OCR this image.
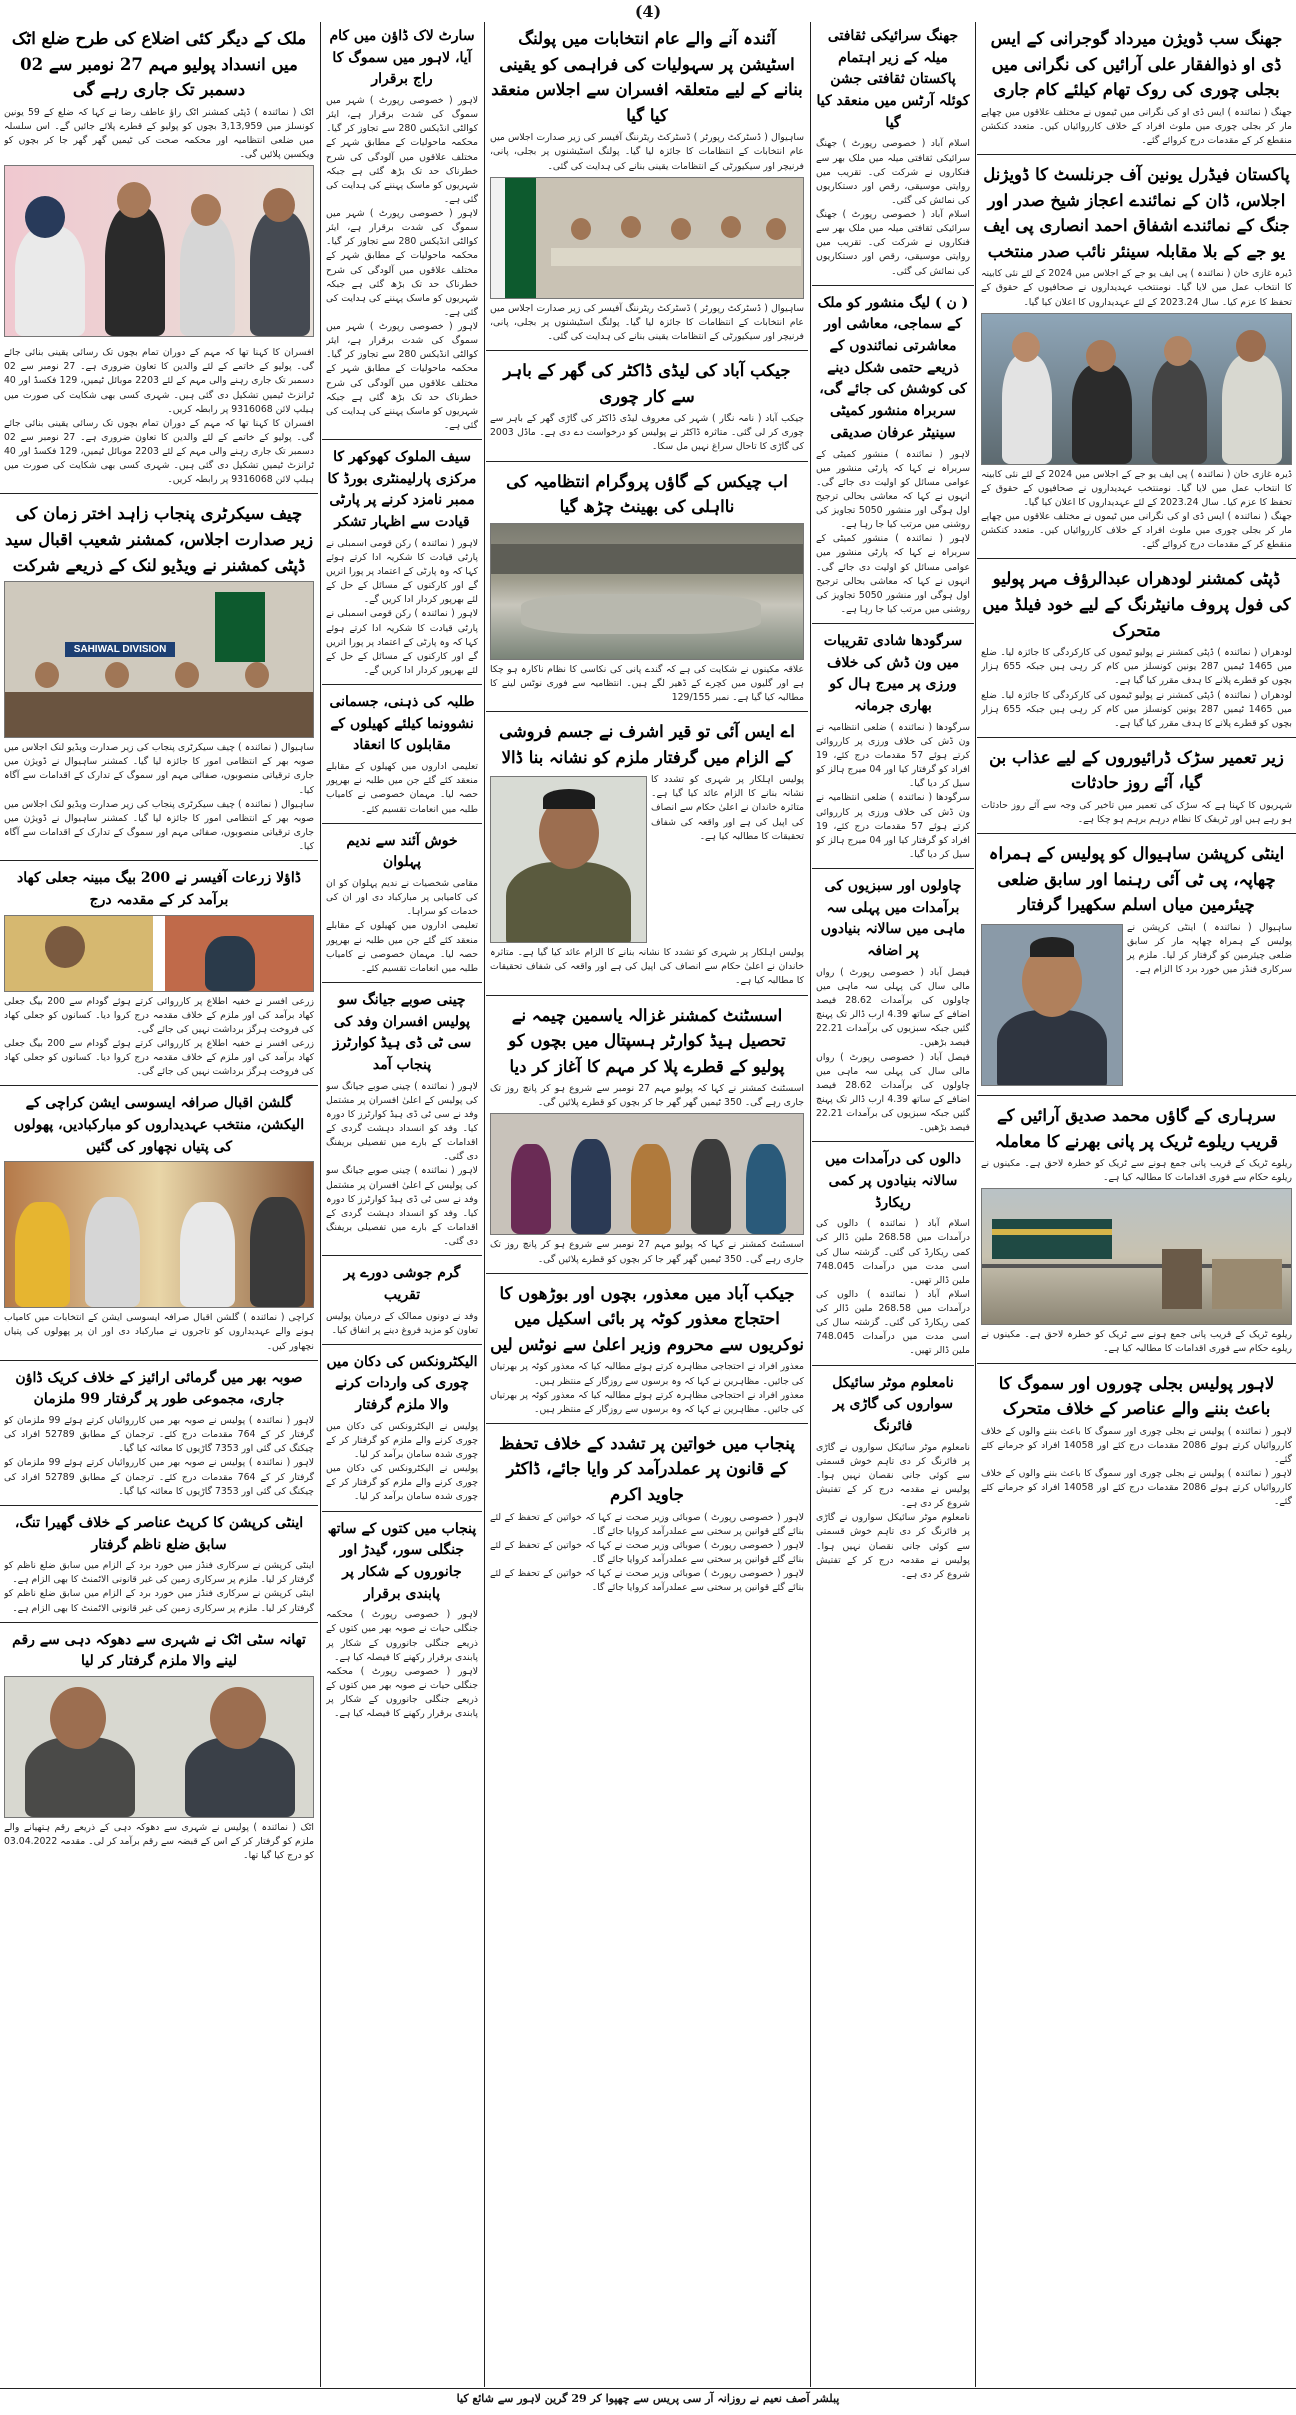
(4)
جھنگ سب ڈویژن میرداد گوجرانی کے ایس ڈی او ذوالفقار علی آرائیں کی نگرانی میں بجلی چوری کی روک تھام کیلئے کام جاری

جھنگ ( نمائندہ ) ایس ڈی او کی نگرانی میں ٹیموں نے مختلف علاقوں میں چھاپے مار کر بجلی چوری میں ملوث افراد کے خلاف کارروائیاں کیں۔ متعدد کنکشن منقطع کر کے مقدمات درج کروائے گئے۔

پاکستان فیڈرل یونین آف جرنلسٹ کا ڈویژنل اجلاس، ڈان کے نمائندے اعجاز شیخ صدر اور جنگ کے نمائندے اشفاق احمد انصاری پی ایف یو جے کے بلا مقابلہ سینئر نائب صدر منتخب

ڈیرہ غازی خان ( نمائندہ ) پی ایف یو جے کے اجلاس میں 2024 کے لئے نئی کابینہ کا انتخاب عمل میں لایا گیا۔ نومنتخب عہدیداروں نے صحافیوں کے حقوق کے تحفظ کا عزم کیا۔ سال 2023.24 کے لئے عہدیداروں کا اعلان کیا گیا۔

ڈیرہ غازی خان ( نمائندہ ) پی ایف یو جے کے اجلاس میں 2024 کے لئے نئی کابینہ کا انتخاب عمل میں لایا گیا۔ نومنتخب عہدیداروں نے صحافیوں کے حقوق کے تحفظ کا عزم کیا۔ سال 2023.24 کے لئے عہدیداروں کا اعلان کیا گیا۔

جھنگ ( نمائندہ ) ایس ڈی او کی نگرانی میں ٹیموں نے مختلف علاقوں میں چھاپے مار کر بجلی چوری میں ملوث افراد کے خلاف کارروائیاں کیں۔ متعدد کنکشن منقطع کر کے مقدمات درج کروائے گئے۔

ڈپٹی کمشنر لودھراں عبدالرؤف مہر پولیو کی فول پروف مانیٹرنگ کے لیے خود فیلڈ میں متحرک

لودھراں ( نمائندہ ) ڈپٹی کمشنر نے پولیو ٹیموں کی کارکردگی کا جائزہ لیا۔ ضلع میں 1465 ٹیمیں 287 یونین کونسلز میں کام کر رہی ہیں جبکہ 655 ہزار بچوں کو قطرے پلانے کا ہدف مقرر کیا گیا ہے۔

لودھراں ( نمائندہ ) ڈپٹی کمشنر نے پولیو ٹیموں کی کارکردگی کا جائزہ لیا۔ ضلع میں 1465 ٹیمیں 287 یونین کونسلز میں کام کر رہی ہیں جبکہ 655 ہزار بچوں کو قطرے پلانے کا ہدف مقرر کیا گیا ہے۔

زیر تعمیر سڑک ڈرائیوروں کے لیے عذاب بن گیا، آئے روز حادثات

شہریوں کا کہنا ہے کہ سڑک کی تعمیر میں تاخیر کی وجہ سے آئے روز حادثات ہو رہے ہیں اور ٹریفک کا نظام درہم برہم ہو چکا ہے۔

اینٹی کرپشن ساہیوال کو پولیس کے ہمراہ چھاپہ، پی ٹی آئی رہنما اور سابق ضلعی چیئرمین میاں اسلم سکھیرا گرفتار

ساہیوال ( نمائندہ ) اینٹی کرپشن نے پولیس کے ہمراہ چھاپہ مار کر سابق ضلعی چیئرمین کو گرفتار کر لیا۔ ملزم پر سرکاری فنڈز میں خورد برد کا الزام ہے۔

سرہاری کے گاؤں محمد صدیق آرائیں کے قریب ریلوے ٹریک پر پانی بھرنے کا معاملہ

ریلوے ٹریک کے قریب پانی جمع ہونے سے ٹریک کو خطرہ لاحق ہے۔ مکینوں نے ریلوے حکام سے فوری اقدامات کا مطالبہ کیا ہے۔

ریلوے ٹریک کے قریب پانی جمع ہونے سے ٹریک کو خطرہ لاحق ہے۔ مکینوں نے ریلوے حکام سے فوری اقدامات کا مطالبہ کیا ہے۔

لاہور پولیس بجلی چوروں اور سموگ کا باعث بننے والے عناصر کے خلاف متحرک

لاہور ( نمائندہ ) پولیس نے بجلی چوری اور سموگ کا باعث بننے والوں کے خلاف کارروائیاں کرتے ہوئے 2086 مقدمات درج کئے اور 14058 افراد کو جرمانے کئے گئے۔

لاہور ( نمائندہ ) پولیس نے بجلی چوری اور سموگ کا باعث بننے والوں کے خلاف کارروائیاں کرتے ہوئے 2086 مقدمات درج کئے اور 14058 افراد کو جرمانے کئے گئے۔

جھنگ سرائیکی ثقافتی میلہ کے زیر اہتمام پاکستان ثقافتی جشن کوئلہ آرٹس میں منعقد کیا گیا

اسلام آباد ( خصوصی رپورٹ ) جھنگ سرائیکی ثقافتی میلہ میں ملک بھر سے فنکاروں نے شرکت کی۔ تقریب میں روایتی موسیقی، رقص اور دستکاریوں کی نمائش کی گئی۔

اسلام آباد ( خصوصی رپورٹ ) جھنگ سرائیکی ثقافتی میلہ میں ملک بھر سے فنکاروں نے شرکت کی۔ تقریب میں روایتی موسیقی، رقص اور دستکاریوں کی نمائش کی گئی۔

( ن ) لیگ منشور کو ملک کے سماجی، معاشی اور معاشرتی نمائندوں کے ذریعے حتمی شکل دینے کی کوشش کی جائے گی، سربراہ منشور کمیٹی سینیٹر عرفان صدیقی

لاہور ( نمائندہ ) منشور کمیٹی کے سربراہ نے کہا کہ پارٹی منشور میں عوامی مسائل کو اولیت دی جائے گی۔ انہوں نے کہا کہ معاشی بحالی ترجیح اول ہوگی اور منشور 5050 تجاویز کی روشنی میں مرتب کیا جا رہا ہے۔

لاہور ( نمائندہ ) منشور کمیٹی کے سربراہ نے کہا کہ پارٹی منشور میں عوامی مسائل کو اولیت دی جائے گی۔ انہوں نے کہا کہ معاشی بحالی ترجیح اول ہوگی اور منشور 5050 تجاویز کی روشنی میں مرتب کیا جا رہا ہے۔

سرگودھا شادی تقریبات میں ون ڈش کی خلاف ورزی پر میرج ہال کو بھاری جرمانہ

سرگودھا ( نمائندہ ) ضلعی انتظامیہ نے ون ڈش کی خلاف ورزی پر کارروائی کرتے ہوئے 57 مقدمات درج کئے، 19 افراد کو گرفتار کیا اور 04 میرج ہالز کو سیل کر دیا گیا۔

سرگودھا ( نمائندہ ) ضلعی انتظامیہ نے ون ڈش کی خلاف ورزی پر کارروائی کرتے ہوئے 57 مقدمات درج کئے، 19 افراد کو گرفتار کیا اور 04 میرج ہالز کو سیل کر دیا گیا۔

چاولوں اور سبزیوں کی برآمدات میں پہلی سہ ماہی میں سالانہ بنیادوں پر اضافہ

فیصل آباد ( خصوصی رپورٹ ) رواں مالی سال کی پہلی سہ ماہی میں چاولوں کی برآمدات 28.62 فیصد اضافے کے ساتھ 4.39 ارب ڈالر تک پہنچ گئیں جبکہ سبزیوں کی برآمدات 22.21 فیصد بڑھیں۔

فیصل آباد ( خصوصی رپورٹ ) رواں مالی سال کی پہلی سہ ماہی میں چاولوں کی برآمدات 28.62 فیصد اضافے کے ساتھ 4.39 ارب ڈالر تک پہنچ گئیں جبکہ سبزیوں کی برآمدات 22.21 فیصد بڑھیں۔

دالوں کی درآمدات میں سالانہ بنیادوں پر کمی ریکارڈ

اسلام آباد ( نمائندہ ) دالوں کی درآمدات میں 268.58 ملین ڈالر کی کمی ریکارڈ کی گئی۔ گزشتہ سال کی اسی مدت میں درآمدات 748.045 ملین ڈالر تھیں۔

اسلام آباد ( نمائندہ ) دالوں کی درآمدات میں 268.58 ملین ڈالر کی کمی ریکارڈ کی گئی۔ گزشتہ سال کی اسی مدت میں درآمدات 748.045 ملین ڈالر تھیں۔

نامعلوم موٹر سائیکل سواروں کی گاڑی پر فائرنگ

نامعلوم موٹر سائیکل سواروں نے گاڑی پر فائرنگ کر دی تاہم خوش قسمتی سے کوئی جانی نقصان نہیں ہوا۔ پولیس نے مقدمہ درج کر کے تفتیش شروع کر دی ہے۔

نامعلوم موٹر سائیکل سواروں نے گاڑی پر فائرنگ کر دی تاہم خوش قسمتی سے کوئی جانی نقصان نہیں ہوا۔ پولیس نے مقدمہ درج کر کے تفتیش شروع کر دی ہے۔

آئندہ آنے والے عام انتخابات میں پولنگ اسٹیشن پر سہولیات کی فراہمی کو یقینی بنانے کے لیے متعلقہ افسران سے اجلاس منعقد کیا گیا

ساہیوال ( ڈسٹرکٹ رپورٹر ) ڈسٹرکٹ ریٹرننگ آفیسر کی زیر صدارت اجلاس میں عام انتخابات کے انتظامات کا جائزہ لیا گیا۔ پولنگ اسٹیشنوں پر بجلی، پانی، فرنیچر اور سیکیورٹی کے انتظامات یقینی بنانے کی ہدایت کی گئی۔

ساہیوال ( ڈسٹرکٹ رپورٹر ) ڈسٹرکٹ ریٹرننگ آفیسر کی زیر صدارت اجلاس میں عام انتخابات کے انتظامات کا جائزہ لیا گیا۔ پولنگ اسٹیشنوں پر بجلی، پانی، فرنیچر اور سیکیورٹی کے انتظامات یقینی بنانے کی ہدایت کی گئی۔

جیکب آباد کی لیڈی ڈاکٹر کی گھر کے باہر سے کار چوری

جیکب آباد ( نامہ نگار ) شہر کی معروف لیڈی ڈاکٹر کی گاڑی گھر کے باہر سے چوری کر لی گئی۔ متاثرہ ڈاکٹر نے پولیس کو درخواست دے دی ہے۔ ماڈل 2003 کی گاڑی کا تاحال سراغ نہیں مل سکا۔

اب چیکس کے گاؤں پروگرام انتظامیہ کی نااہلی کی بھینٹ چڑھ گیا

علاقہ مکینوں نے شکایت کی ہے کہ گندے پانی کی نکاسی کا نظام ناکارہ ہو چکا ہے اور گلیوں میں کچرے کے ڈھیر لگے ہیں۔ انتظامیہ سے فوری نوٹس لینے کا مطالبہ کیا گیا ہے۔ نمبر 129/155

اے ایس آئی تو قیر اشرف نے جسم فروشی کے الزام میں گرفتار ملزم کو نشانہ بنا ڈالا

پولیس اہلکار پر شہری کو تشدد کا نشانہ بنانے کا الزام عائد کیا گیا ہے۔ متاثرہ خاندان نے اعلیٰ حکام سے انصاف کی اپیل کی ہے اور واقعہ کی شفاف تحقیقات کا مطالبہ کیا ہے۔

پولیس اہلکار پر شہری کو تشدد کا نشانہ بنانے کا الزام عائد کیا گیا ہے۔ متاثرہ خاندان نے اعلیٰ حکام سے انصاف کی اپیل کی ہے اور واقعہ کی شفاف تحقیقات کا مطالبہ کیا ہے۔

اسسٹنٹ کمشنر غزالہ یاسمین چیمہ نے تحصیل ہیڈ کوارٹر ہسپتال میں بچوں کو پولیو کے قطرے پلا کر مہم کا آغاز کر دیا

اسسٹنٹ کمشنر نے کہا کہ پولیو مہم 27 نومبر سے شروع ہو کر پانچ روز تک جاری رہے گی۔ 350 ٹیمیں گھر گھر جا کر بچوں کو قطرے پلائیں گی۔

اسسٹنٹ کمشنر نے کہا کہ پولیو مہم 27 نومبر سے شروع ہو کر پانچ روز تک جاری رہے گی۔ 350 ٹیمیں گھر گھر جا کر بچوں کو قطرے پلائیں گی۔

جیکب آباد میں معذور، بچوں اور بوڑھوں کا احتجاج معذور کوٹہ پر بائی اسکیل میں نوکریوں سے محروم وزیر اعلیٰ سے نوٹس لیں

معذور افراد نے احتجاجی مظاہرہ کرتے ہوئے مطالبہ کیا کہ معذور کوٹہ پر بھرتیاں کی جائیں۔ مظاہرین نے کہا کہ وہ برسوں سے روزگار کے منتظر ہیں۔

معذور افراد نے احتجاجی مظاہرہ کرتے ہوئے مطالبہ کیا کہ معذور کوٹہ پر بھرتیاں کی جائیں۔ مظاہرین نے کہا کہ وہ برسوں سے روزگار کے منتظر ہیں۔

پنجاب میں خواتین پر تشدد کے خلاف تحفظ کے قانون پر عملدرآمد کر وایا جائے، ڈاکٹر جاوید اکرم

لاہور ( خصوصی رپورٹ ) صوبائی وزیر صحت نے کہا کہ خواتین کے تحفظ کے لئے بنائے گئے قوانین پر سختی سے عملدرآمد کروایا جائے گا۔

لاہور ( خصوصی رپورٹ ) صوبائی وزیر صحت نے کہا کہ خواتین کے تحفظ کے لئے بنائے گئے قوانین پر سختی سے عملدرآمد کروایا جائے گا۔

لاہور ( خصوصی رپورٹ ) صوبائی وزیر صحت نے کہا کہ خواتین کے تحفظ کے لئے بنائے گئے قوانین پر سختی سے عملدرآمد کروایا جائے گا۔

سارٹ لاک ڈاؤن میں کام آیا، لاہور میں سموگ کا راج برقرار

لاہور ( خصوصی رپورٹ ) شہر میں سموگ کی شدت برقرار ہے، ایئر کوالٹی انڈیکس 280 سے تجاوز کر گیا۔ محکمہ ماحولیات کے مطابق شہر کے مختلف علاقوں میں آلودگی کی شرح خطرناک حد تک بڑھ گئی ہے جبکہ شہریوں کو ماسک پہننے کی ہدایت کی گئی ہے۔

لاہور ( خصوصی رپورٹ ) شہر میں سموگ کی شدت برقرار ہے، ایئر کوالٹی انڈیکس 280 سے تجاوز کر گیا۔ محکمہ ماحولیات کے مطابق شہر کے مختلف علاقوں میں آلودگی کی شرح خطرناک حد تک بڑھ گئی ہے جبکہ شہریوں کو ماسک پہننے کی ہدایت کی گئی ہے۔

لاہور ( خصوصی رپورٹ ) شہر میں سموگ کی شدت برقرار ہے، ایئر کوالٹی انڈیکس 280 سے تجاوز کر گیا۔ محکمہ ماحولیات کے مطابق شہر کے مختلف علاقوں میں آلودگی کی شرح خطرناک حد تک بڑھ گئی ہے جبکہ شہریوں کو ماسک پہننے کی ہدایت کی گئی ہے۔

سیف الملوک کھوکھر کا مرکزی پارلیمنٹری بورڈ کا ممبر نامزد کرنے پر پارٹی قیادت سے اظہار تشکر

لاہور ( نمائندہ ) رکن قومی اسمبلی نے پارٹی قیادت کا شکریہ ادا کرتے ہوئے کہا کہ وہ پارٹی کے اعتماد پر پورا اتریں گے اور کارکنوں کے مسائل کے حل کے لئے بھرپور کردار ادا کریں گے۔

لاہور ( نمائندہ ) رکن قومی اسمبلی نے پارٹی قیادت کا شکریہ ادا کرتے ہوئے کہا کہ وہ پارٹی کے اعتماد پر پورا اتریں گے اور کارکنوں کے مسائل کے حل کے لئے بھرپور کردار ادا کریں گے۔

طلبہ کی ذہنی، جسمانی نشوونما کیلئے کھیلوں کے مقابلوں کا انعقاد

تعلیمی اداروں میں کھیلوں کے مقابلے منعقد کئے گئے جن میں طلبہ نے بھرپور حصہ لیا۔ مہمان خصوصی نے کامیاب طلبہ میں انعامات تقسیم کئے۔

خوش آئند سے ندیم پہلوان

مقامی شخصیات نے ندیم پہلوان کو ان کی کامیابی پر مبارکباد دی اور ان کی خدمات کو سراہا۔

تعلیمی اداروں میں کھیلوں کے مقابلے منعقد کئے گئے جن میں طلبہ نے بھرپور حصہ لیا۔ مہمان خصوصی نے کامیاب طلبہ میں انعامات تقسیم کئے۔

چینی صوبے جیانگ سو پولیس افسران وفد کی سی ٹی ڈی ہیڈ کوارٹرز پنجاب آمد

لاہور ( نمائندہ ) چینی صوبے جیانگ سو کی پولیس کے اعلیٰ افسران پر مشتمل وفد نے سی ٹی ڈی ہیڈ کوارٹرز کا دورہ کیا۔ وفد کو انسداد دہشت گردی کے اقدامات کے بارے میں تفصیلی بریفنگ دی گئی۔

لاہور ( نمائندہ ) چینی صوبے جیانگ سو کی پولیس کے اعلیٰ افسران پر مشتمل وفد نے سی ٹی ڈی ہیڈ کوارٹرز کا دورہ کیا۔ وفد کو انسداد دہشت گردی کے اقدامات کے بارے میں تفصیلی بریفنگ دی گئی۔

گرم جوشی دورے پر تقریب

وفد نے دونوں ممالک کے درمیان پولیس تعاون کو مزید فروغ دینے پر اتفاق کیا۔

الیکٹرونکس کی دکان میں چوری کی واردات کرنے والا ملزم گرفتار

پولیس نے الیکٹرونکس کی دکان میں چوری کرنے والے ملزم کو گرفتار کر کے چوری شدہ سامان برآمد کر لیا۔

پولیس نے الیکٹرونکس کی دکان میں چوری کرنے والے ملزم کو گرفتار کر کے چوری شدہ سامان برآمد کر لیا۔

پنجاب میں کتوں کے ساتھ جنگلی سور، گیدڑ اور جانوروں کے شکار پر پابندی برقرار

لاہور ( خصوصی رپورٹ ) محکمہ جنگلی حیات نے صوبہ بھر میں کتوں کے ذریعے جنگلی جانوروں کے شکار پر پابندی برقرار رکھنے کا فیصلہ کیا ہے۔

لاہور ( خصوصی رپورٹ ) محکمہ جنگلی حیات نے صوبہ بھر میں کتوں کے ذریعے جنگلی جانوروں کے شکار پر پابندی برقرار رکھنے کا فیصلہ کیا ہے۔

ملک کے دیگر کئی اضلاع کی طرح ضلع اٹک میں انسداد پولیو مہم 27 نومبر سے 02 دسمبر تک جاری رہے گی

اٹک ( نمائندہ ) ڈپٹی کمشنر اٹک راؤ عاطف رضا نے کہا کہ ضلع کے 59 یونین کونسلز میں 3,13,959 بچوں کو پولیو کے قطرے پلائے جائیں گے۔ اس سلسلہ میں ضلعی انتظامیہ اور محکمہ صحت کی ٹیمیں گھر گھر جا کر بچوں کو ویکسین پلائیں گی۔

افسران کا کہنا تھا کہ مہم کے دوران تمام بچوں تک رسائی یقینی بنائی جائے گی۔ پولیو کے خاتمے کے لئے والدین کا تعاون ضروری ہے۔ 27 نومبر سے 02 دسمبر تک جاری رہنے والی مہم کے لئے 2203 موبائل ٹیمیں، 129 فکسڈ اور 40 ٹرانزٹ ٹیمیں تشکیل دی گئی ہیں۔ شہری کسی بھی شکایت کی صورت میں ہیلپ لائن 9316068 پر رابطہ کریں۔

افسران کا کہنا تھا کہ مہم کے دوران تمام بچوں تک رسائی یقینی بنائی جائے گی۔ پولیو کے خاتمے کے لئے والدین کا تعاون ضروری ہے۔ 27 نومبر سے 02 دسمبر تک جاری رہنے والی مہم کے لئے 2203 موبائل ٹیمیں، 129 فکسڈ اور 40 ٹرانزٹ ٹیمیں تشکیل دی گئی ہیں۔ شہری کسی بھی شکایت کی صورت میں ہیلپ لائن 9316068 پر رابطہ کریں۔

چیف سیکرٹری پنجاب زاہد اختر زمان کی زیر صدارت اجلاس، کمشنر شعیب اقبال سید ڈپٹی کمشنر نے ویڈیو لنک کے ذریعے شرکت
SAHIWAL DIVISION

ساہیوال ( نمائندہ ) چیف سیکرٹری پنجاب کی زیر صدارت ویڈیو لنک اجلاس میں صوبہ بھر کے انتظامی امور کا جائزہ لیا گیا۔ کمشنر ساہیوال نے ڈویژن میں جاری ترقیاتی منصوبوں، صفائی مہم اور سموگ کے تدارک کے اقدامات سے آگاہ کیا۔

ساہیوال ( نمائندہ ) چیف سیکرٹری پنجاب کی زیر صدارت ویڈیو لنک اجلاس میں صوبہ بھر کے انتظامی امور کا جائزہ لیا گیا۔ کمشنر ساہیوال نے ڈویژن میں جاری ترقیاتی منصوبوں، صفائی مہم اور سموگ کے تدارک کے اقدامات سے آگاہ کیا۔

ڈاؤلا زرعات آفیسر نے 200 بیگ مبینہ جعلی کھاد برآمد کر کے مقدمہ درج

زرعی افسر نے خفیہ اطلاع پر کارروائی کرتے ہوئے گودام سے 200 بیگ جعلی کھاد برآمد کی اور ملزم کے خلاف مقدمہ درج کروا دیا۔ کسانوں کو جعلی کھاد کی فروخت ہرگز برداشت نہیں کی جائے گی۔

زرعی افسر نے خفیہ اطلاع پر کارروائی کرتے ہوئے گودام سے 200 بیگ جعلی کھاد برآمد کی اور ملزم کے خلاف مقدمہ درج کروا دیا۔ کسانوں کو جعلی کھاد کی فروخت ہرگز برداشت نہیں کی جائے گی۔

گلشن اقبال صرافہ ایسوسی ایشن کراچی کے الیکشن، منتخب عہدیداروں کو مبارکبادیں، پھولوں کی پتیاں نچھاور کی گئیں

کراچی ( نمائندہ ) گلشن اقبال صرافہ ایسوسی ایشن کے انتخابات میں کامیاب ہونے والے عہدیداروں کو تاجروں نے مبارکباد دی اور ان پر پھولوں کی پتیاں نچھاور کیں۔

صوبہ بھر میں گرمائی ارائیز کے خلاف کریک ڈاؤن جاری، مجموعی طور پر گرفتار 99 ملزمان

لاہور ( نمائندہ ) پولیس نے صوبہ بھر میں کارروائیاں کرتے ہوئے 99 ملزمان کو گرفتار کر کے 764 مقدمات درج کئے۔ ترجمان کے مطابق 52789 افراد کی چیکنگ کی گئی اور 7353 گاڑیوں کا معائنہ کیا گیا۔

لاہور ( نمائندہ ) پولیس نے صوبہ بھر میں کارروائیاں کرتے ہوئے 99 ملزمان کو گرفتار کر کے 764 مقدمات درج کئے۔ ترجمان کے مطابق 52789 افراد کی چیکنگ کی گئی اور 7353 گاڑیوں کا معائنہ کیا گیا۔

اینٹی کرپشن کا کرپٹ عناصر کے خلاف گھیرا تنگ، سابق ضلع ناظم گرفتار

اینٹی کرپشن نے سرکاری فنڈز میں خورد برد کے الزام میں سابق ضلع ناظم کو گرفتار کر لیا۔ ملزم پر سرکاری زمین کی غیر قانونی الاٹمنٹ کا بھی الزام ہے۔

اینٹی کرپشن نے سرکاری فنڈز میں خورد برد کے الزام میں سابق ضلع ناظم کو گرفتار کر لیا۔ ملزم پر سرکاری زمین کی غیر قانونی الاٹمنٹ کا بھی الزام ہے۔

تھانہ سٹی اٹک نے شہری سے دھوکہ دہی سے رقم لینے والا ملزم گرفتار کر لیا

اٹک ( نمائندہ ) پولیس نے شہری سے دھوکہ دہی کے ذریعے رقم ہتھیانے والے ملزم کو گرفتار کر کے اس کے قبضہ سے رقم برآمد کر لی۔ مقدمہ 03.04.2022 کو درج کیا گیا تھا۔

پبلشر آصف نعیم نے روزانہ آر سی پریس سے چھپوا کر 29 گرین لاہور سے شائع کیا
